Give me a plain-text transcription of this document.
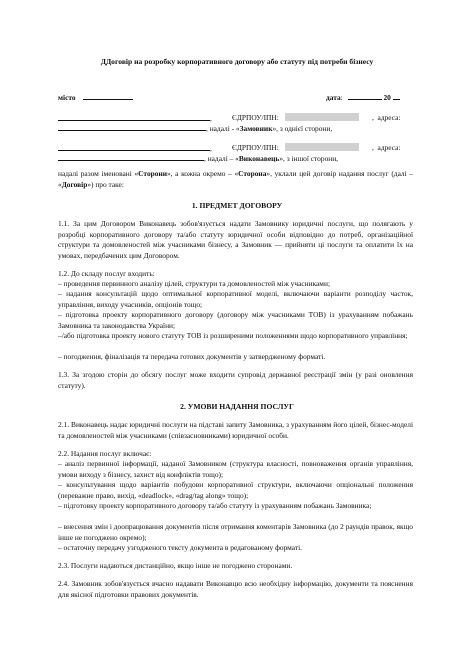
ДДоговір на розробку корпоративного договору або статуту під потреби бізнесу
місто	дата:	20
,	ЄДРПОУ/ІПН:	,  адреса:
, надалі - «Замовник», з однієї сторони,
,	ЄДРПОУ/ІПН:	,  адреса:
, надалі – «Виконавець», з іншої сторони,
надалі разом іменовані «Сторони», а кожна окремо – «Сторона», уклали цей договір надання послуг (далі – «Договір») про таке:
1. ПРЕДМЕТ ДОГОВОРУ
1.1. За цим Договором Виконавець зобов'язується надати Замовнику юридичні послуги, що полягають у розробці корпоративного договору та/або статуту юридичної особи відповідно до потреб, організаційної структури та домовленостей між учасниками бізнесу, а Замовник — прийняти ці послуги та оплатити їх на умовах, передбачених цим Договором.
1.2. До складу послуг входить:
– проведення первинного аналізу цілей, структури та домовленостей між учасниками;
– надання консультацій щодо оптимальної корпоративної моделі, включаючи варіанти розподілу часток, управління, виходу учасників, опціонів тощо;
– підготовка проекту корпоративного договору (договору між учасниками ТОВ) із урахуванням побажань Замовника та законодавства України;
–/або підготовка проекту нового статуту ТОВ із розширеними положеннями щодо корпоративного управління;
– погодження, фіналізація та передача готових документів у затвердженому форматі.
1.3. За згодою сторін до обсягу послуг може входити супровід державної реєстрації змін (у разі оновлення статуту).
2. УМОВИ НАДАННЯ ПОСЛУГ
2.1. Виконавець надає юридичні послуги на підставі запиту Замовника, з урахуванням його цілей, бізнес-моделі та домовленостей між учасниками (співзасновниками) юридичної особи.
2.2. Надання послуг включає:
– аналіз первинної інформації, наданої Замовником (структура власності, повноваження органів управління, умови виходу з бізнесу, захист від конфліктів тощо);
– консультування щодо варіантів побудови корпоративної структури, включаючи опціональні положення (переважне право, вихід, «deadlock», «drag/tag along» тощо);
– підготовку проекту корпоративного договору та/або статуту із урахуванням побажань Замовника;
– внесення змін і доопрацювання документів після отримання коментарів Замовника (до 2 раундів правок, якщо інше не погоджено окремо);
– остаточну передачу узгодженого тексту документа в редагованому форматі.
2.3. Послуги надаються дистанційно, якщо інше не погоджено сторонами.
2.4. Замовник зобов'язується вчасно надавати Виконавцю всю необхідну інформацію, документи та пояснення для якісної підготовки правових документів.
